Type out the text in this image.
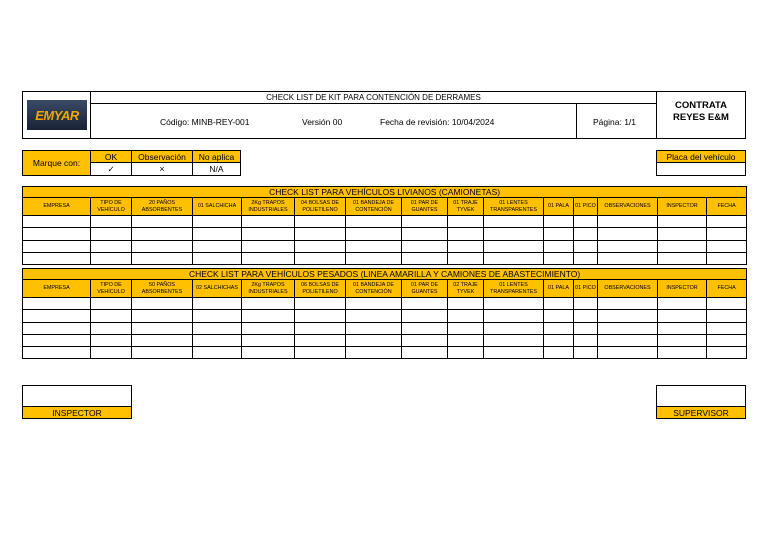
EMYAR
CHECK LIST DE KIT PARA CONTENCIÓN DE DERRAMES
Código: MINB-REY-001	Versión 00	Fecha de revisión: 10/04/2024	Página: 1/1
CONTRATA REYES E&M
Marque con:
OK Observación No aplica
✓	×	N/A
Placa del vehículo
CHECK LIST PARA VEHÍCULOS LIVIANOS (CAMIONETAS)														
EMPRESA	TIPO DE VEHÍCULO	20 PAÑOS ABSORBENTES	01 SALCHICHA	2Kg TRAPOS INDUSTRIALES	04 BOLSAS DE POLIETILENO	01 BANDEJA DE CONTENCIÓN	01 PAR DE GUANTES	01 TRAJE TYVEK	01 LENTES TRANSPARENTES	01 PALA	01 PICO	OBSERVACIONES	INSPECTOR	FECHA

CHECK LIST PARA VEHÍCULOS PESADOS (LINEA AMARILLA Y CAMIONES DE ABASTECIMIENTO)														
EMPRESA	TIPO DE VEHÍCULO	50 PAÑOS ABSORBENTES	02 SALCHICHAS	2Kg TRAPOS INDUSTRIALES	06 BOLSAS DE POLIETILENO	01 BANDEJA DE CONTENCIÓN	01 PAR DE GUANTES	02 TRAJE TYVEK	01 LENTES TRANSPARENTES	01 PALA	01 PICO	OBSERVACIONES	INSPECTOR	FECHA

INSPECTOR	SUPERVISOR
